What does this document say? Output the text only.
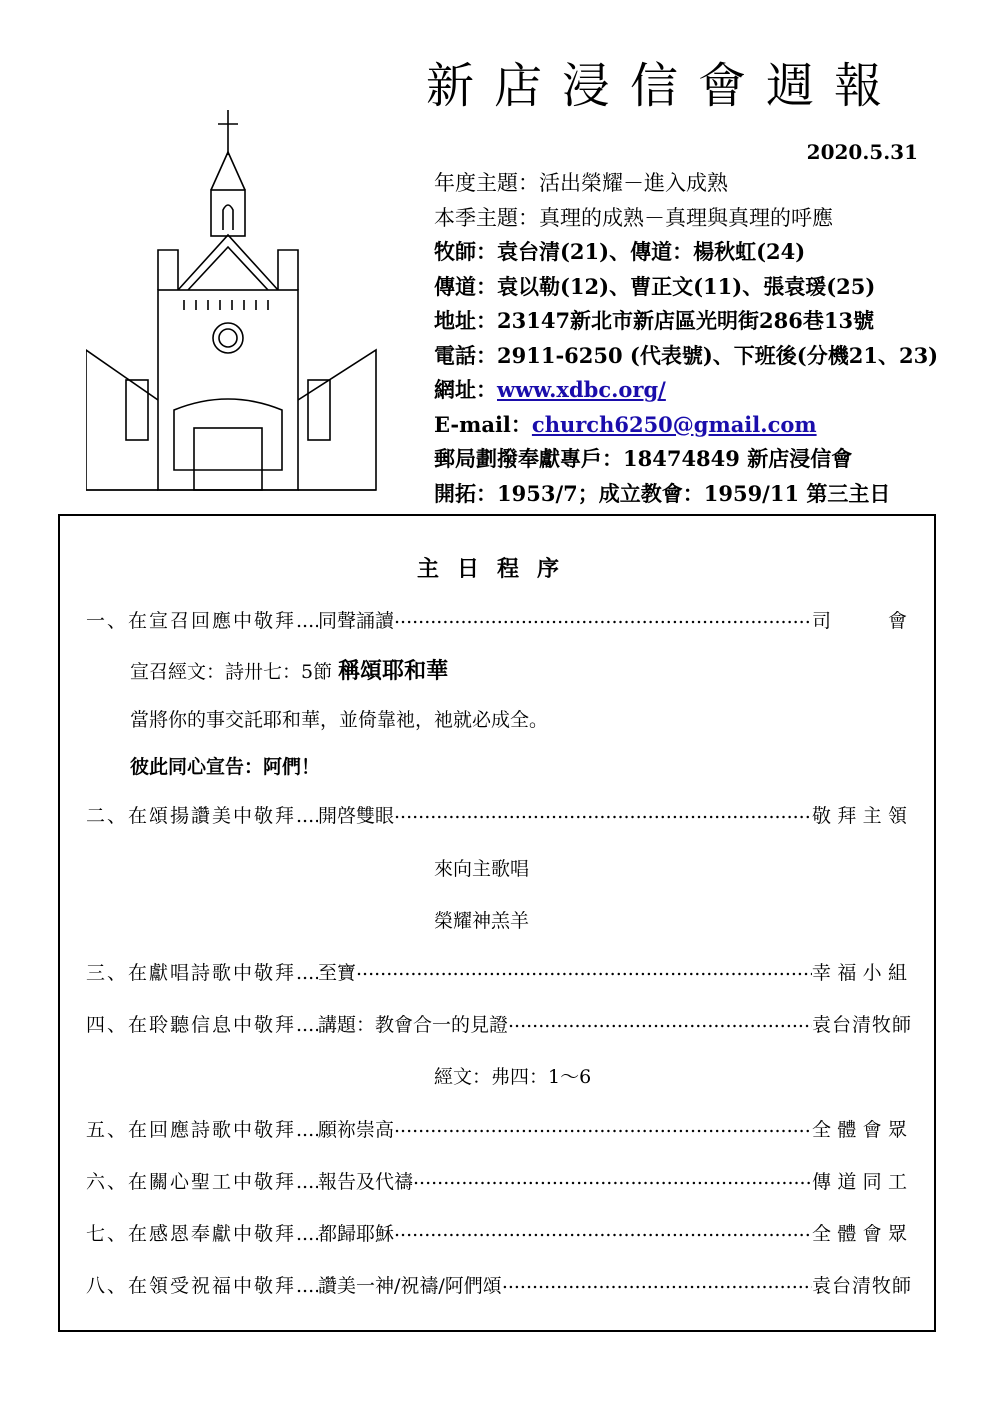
新店浸信會週報
2020.5.31
年度主題：活出榮耀－進入成熟
本季主題：真理的成熟－真理與真理的呼應
牧師：袁台清(21)、傳道：楊秋虹(24)
傳道：袁以勒(12)、曹正文(11)、張袁瑗(25)
地址：23147新北市新店區光明街286巷13號
電話：2911-6250 (代表號)、下班後(分機21、23)
網址：www.xdbc.org/
E-mail：church6250@gmail.com
郵局劃撥奉獻專戶：18474849 新店浸信會
開拓：1953/7；成立教會：1959/11 第三主日
主日程序
一、在宣召回應中敬拜 .....	同聲誦讀 .....	司　會
宣召經文：詩卅七：5節 稱頌耶和華
當將你的事交託耶和華，並倚靠祂，祂就必成全。
彼此同心宣告：阿們！
二、在頌揚讚美中敬拜 .....	開啓雙眼 .....	敬拜主領
來向主歌唱
榮耀神羔羊
三、在獻唱詩歌中敬拜 .....	至寶 .....	幸福小組
四、在聆聽信息中敬拜 .....	講題：教會合一的見證 .....	袁台清牧師
經文：弗四：1～6
五、在回應詩歌中敬拜 .....	願祢崇高 .....	全體會眾
六、在關心聖工中敬拜 .....	報告及代禱 .....	傳道同工
七、在感恩奉獻中敬拜 .....	都歸耶穌 .....	全體會眾
八、在領受祝福中敬拜 .....	讚美一神/祝禱/阿們頌 .....	袁台清牧師
